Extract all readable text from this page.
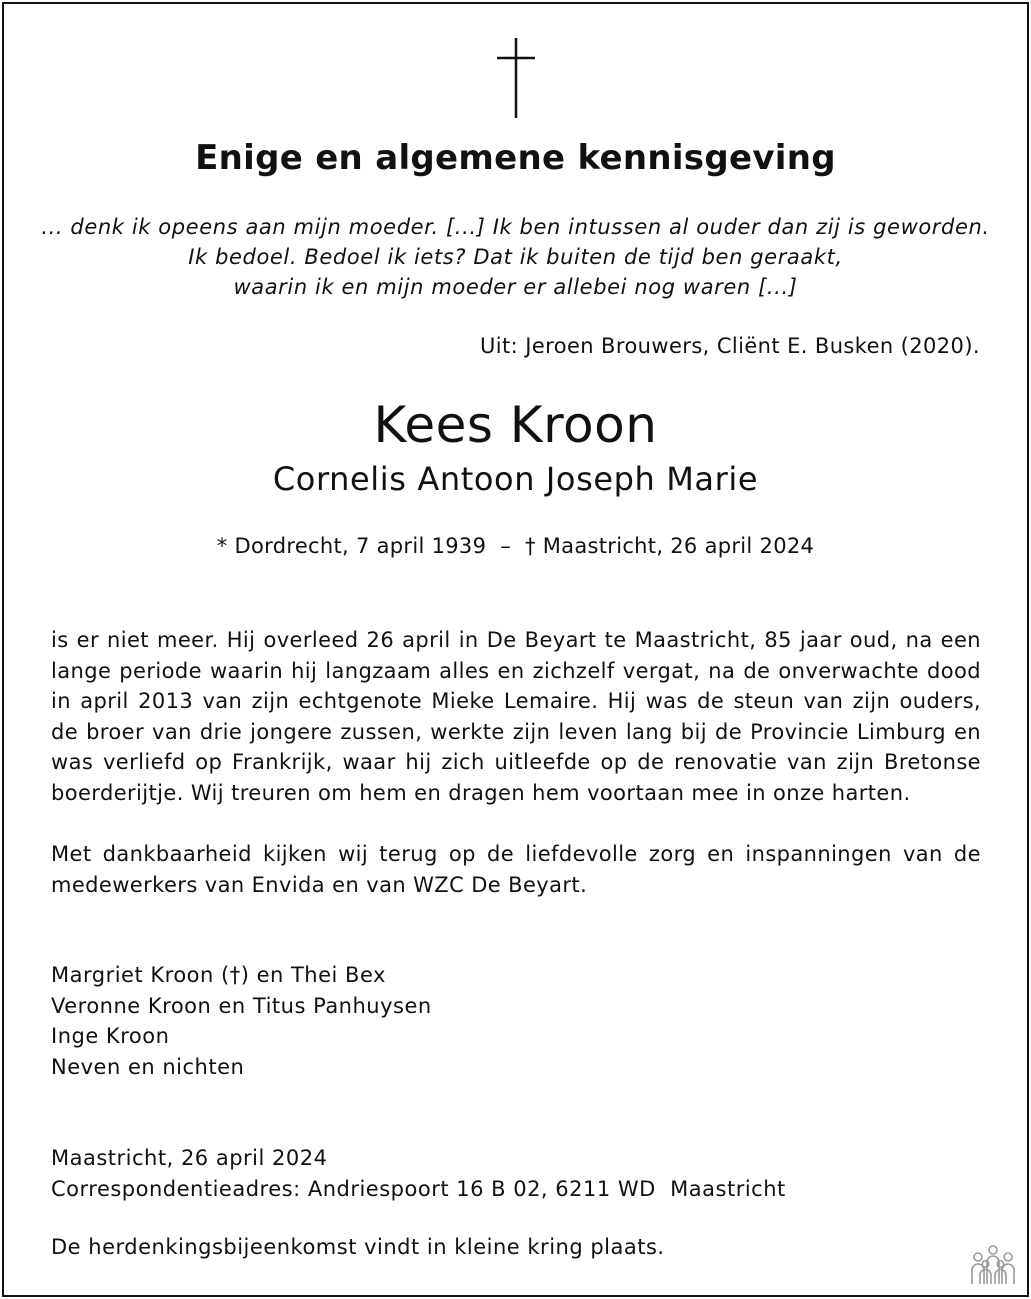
Enige en algemene kennisgeving
... denk ik opeens aan mijn moeder. [...] Ik ben intussen al ouder dan zij is geworden.
Ik bedoel. Bedoel ik iets? Dat ik buiten de tijd ben geraakt,
waarin ik en mijn moeder er allebei nog waren [...]
Uit: Jeroen Brouwers, Cliënt E. Busken (2020).
Kees Kroon
Cornelis Antoon Joseph Marie
* Dordrecht, 7 april 1939  –  † Maastricht, 26 april 2024
is er niet meer. Hij overleed 26 april in De Beyart te Maastricht, 85 jaar oud, na een lange periode waarin hij langzaam alles en zichzelf vergat, na de onverwachte dood in april 2013 van zijn echtgenote Mieke Lemaire. Hij was de steun van zijn ouders, de broer van drie jongere zussen, werkte zijn leven lang bij de Provincie Limburg en was verliefd op Frankrijk, waar hij zich uitleefde op de renovatie van zijn Bretonse boerderijtje. Wij treuren om hem en dragen hem voortaan mee in onze harten.
Met dankbaarheid kijken wij terug op de liefdevolle zorg en inspanningen van de medewerkers van Envida en van WZC De Beyart.
Margriet Kroon (†) en Thei Bex
Veronne Kroon en Titus Panhuysen
Inge Kroon
Neven en nichten
Maastricht, 26 april 2024
Correspondentieadres: Andriespoort 16 B 02, 6211 WD  Maastricht
De herdenkingsbijeenkomst vindt in kleine kring plaats.
